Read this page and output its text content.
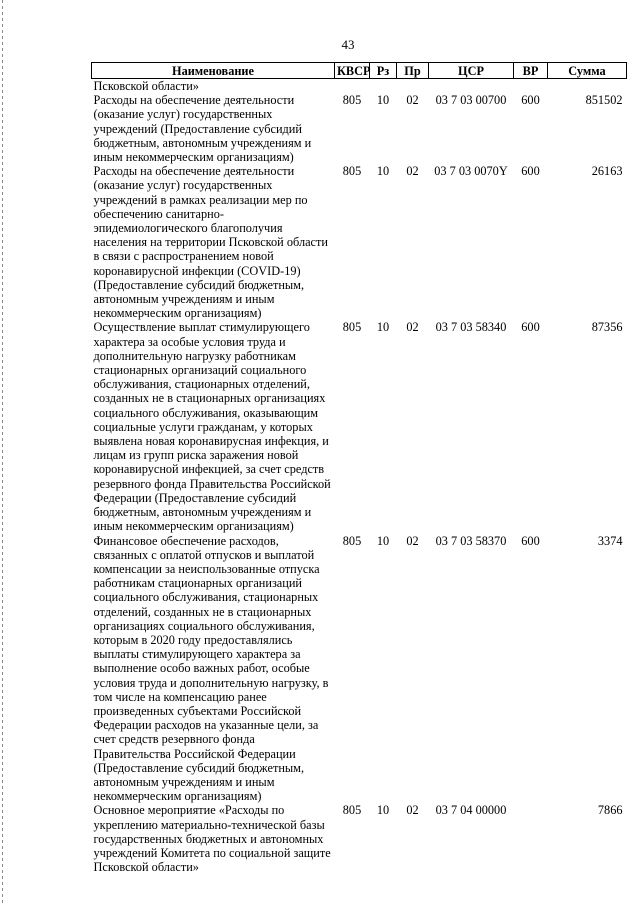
43
Наименование	КВСР	Рз	Пр	ЦСР	ВР	Сумма
Псковской области»						
Расходы на обеспечение деятельности (оказание услуг) государственных учреждений (Предоставление субсидий бюджетным, автономным учреждениям и иным некоммерческим организациям)	805	10	02	03 7 03 00700	600	851502
Расходы на обеспечение деятельности (оказание услуг) государственных учреждений в рамках реализации мер по обеспечению санитарно-эпидемиологического благополучия населения на территории Псковской области в связи с распространением новой коронавирусной инфекции (COVID-19) (Предоставление субсидий бюджетным, автономным учреждениям и иным некоммерческим организациям)	805	10	02	03 7 03 0070Y	600	26163
Осуществление выплат стимулирующего характера за особые условия труда и дополнительную нагрузку работникам стационарных организаций социального обслуживания, стационарных отделений, созданных не в стационарных организациях социального обслуживания, оказывающим социальные услуги гражданам, у которых выявлена новая коронавирусная инфекция, и лицам из групп риска заражения новой коронавирусной инфекцией, за счет средств резервного фонда Правительства Российской Федерации (Предоставление субсидий бюджетным, автономным учреждениям и иным некоммерческим организациям)	805	10	02	03 7 03 58340	600	87356
Финансовое обеспечение расходов, связанных с оплатой отпусков и выплатой компенсации за неиспользованные отпуска работникам стационарных организаций социального обслуживания, стационарных отделений, созданных не в стационарных организациях социального обслуживания, которым в 2020 году предоставлялись выплаты стимулирующего характера за выполнение особо важных работ, особые условия труда и дополнительную нагрузку, в том числе на компенсацию ранее произведенных субъектами Российской Федерации расходов на указанные цели, за счет средств резервного фонда Правительства Российской Федерации (Предоставление субсидий бюджетным, автономным учреждениям и иным некоммерческим организациям)	805	10	02	03 7 03 58370	600	3374
Основное мероприятие «Расходы по укреплению материально-технической базы государственных бюджетных и автономных учреждений Комитета по социальной защите Псковской области»	805	10	02	03 7 04 00000		7866
